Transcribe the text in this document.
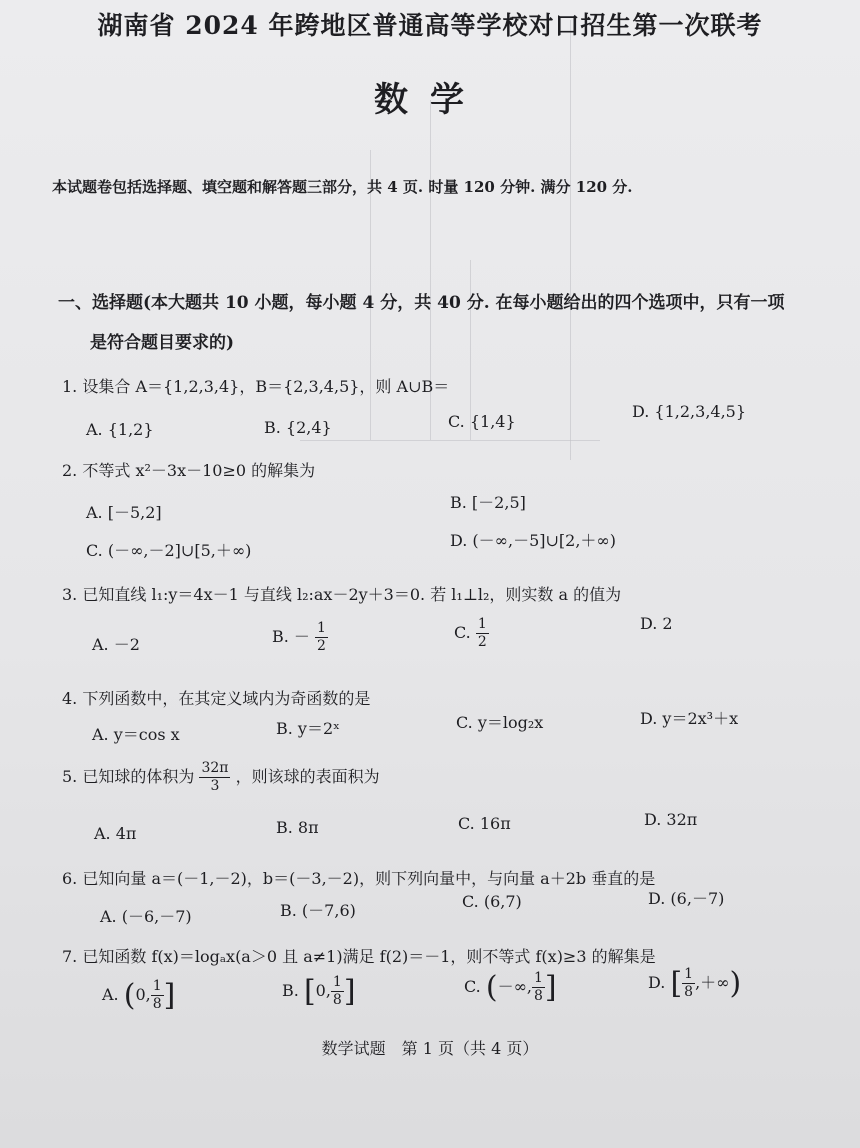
湖南省 2024 年跨地区普通高等学校对口招生第一次联考
数学
本试题卷包括选择题、填空题和解答题三部分，共 4 页. 时量 120 分钟. 满分 120 分.
一、选择题(本大题共 10 小题，每小题 4 分，共 40 分. 在每小题给出的四个选项中，只有一项
是符合题目要求的)
1. 设集合 A＝{1,2,3,4}，B＝{2,3,4,5}，则 A∪B＝
A. {1,2}	B. {2,4}	C. {1,4}
D. {1,2,3,4,5}
2. 不等式 x²－3x－10≥0 的解集为
A. [－5,2]
B. [－2,5]
C. (－∞,－2]∪[5,＋∞)
D. (－∞,－5]∪[2,＋∞)
3. 已知直线 l₁:y＝4x－1 与直线 l₂:ax－2y＋3＝0. 若 l₁⊥l₂，则实数 a 的值为
A. －2	B. － $\frac{1}{2}$	C. $\frac{1}{2}$	D. 2
4. 下列函数中，在其定义域内为奇函数的是
A. y＝cos x	B. y＝2ˣ	C. y＝log₂x	D. y＝2x³＋x
5. 已知球的体积为 $\frac{32\pi}{3}$ ，则该球的表面积为
A. 4π	B. 8π	C. 16π	D. 32π
6. 已知向量 a＝(－1,－2)，b＝(－3,－2)，则下列向量中，与向量 a＋2b 垂直的是
A. (－6,－7)	B. (－7,6)	C. (6,7)	D. (6,－7)
7. 已知函数 f(x)＝logₐx(a＞0 且 a≠1)满足 f(2)＝－1，则不等式 f(x)≥3 的解集是
A. (0, $\frac{1}{8}$ ]	B. [0, $\frac{1}{8}$ ]	C. (－∞, $\frac{1}{8}$ ]	D. [ $\frac{1}{8}$ ,＋∞)
数学试题　第 1 页（共 4 页）
